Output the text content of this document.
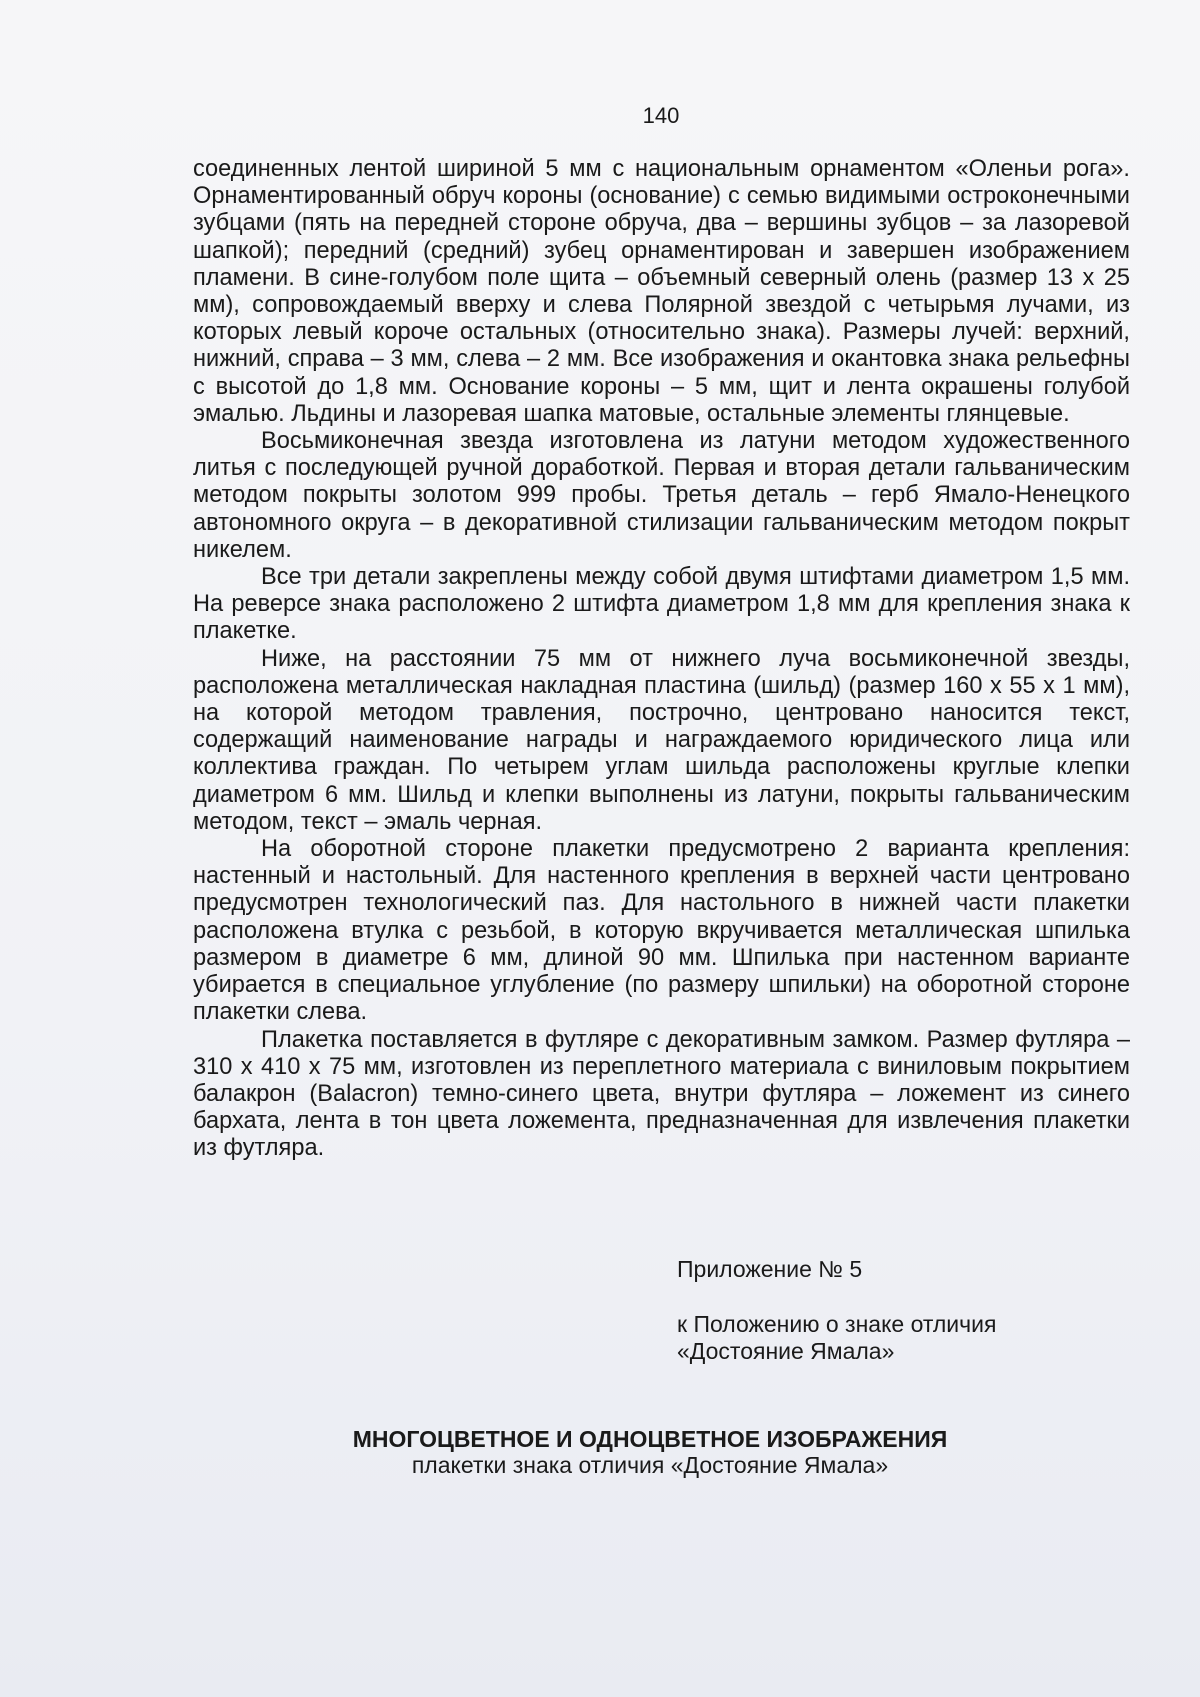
140

соединенных лентой шириной 5 мм с национальным орнаментом «Оленьи рога». Орнаментированный обруч короны (основание) с семью видимыми остроконечными зубцами (пять на передней стороне обруча, два – вершины зубцов – за лазоревой шапкой); передний (средний) зубец орнаментирован и завершен изображением пламени. В сине-голубом поле щита – объемный северный олень (размер 13 х 25 мм), сопровождаемый вверху и слева Полярной звездой с четырьмя лучами, из которых левый короче остальных (относительно знака). Размеры лучей: верхний, нижний, справа – 3 мм, слева – 2 мм. Все изображения и окантовка знака рельефны с высотой до 1,8 мм. Основание короны – 5 мм, щит и лента окрашены голубой эмалью. Льдины и лазоревая шапка матовые, остальные элементы глянцевые.

Восьмиконечная звезда изготовлена из латуни методом художественного литья с последующей ручной доработкой. Первая и вторая детали гальваническим методом покрыты золотом 999 пробы. Третья деталь – герб Ямало-Ненецкого автономного округа – в декоративной стилизации гальваническим методом покрыт никелем.

Все три детали закреплены между собой двумя штифтами диаметром 1,5 мм. На реверсе знака расположено 2 штифта диаметром 1,8 мм для крепления знака к плакетке.

Ниже, на расстоянии 75 мм от нижнего луча восьмиконечной звезды, расположена металлическая накладная пластина (шильд) (размер 160 х 55 х 1 мм), на которой методом травления, построчно, центровано наносится текст, содержащий наименование награды и награждаемого юридического лица или коллектива граждан. По четырем углам шильда расположены круглые клепки диаметром 6 мм. Шильд и клепки выполнены из латуни, покрыты гальваническим методом, текст – эмаль черная.

На оборотной стороне плакетки предусмотрено 2 варианта крепления: настенный и настольный. Для настенного крепления в верхней части центровано предусмотрен технологический паз. Для настольного в нижней части плакетки расположена втулка с резьбой, в которую вкручивается металлическая шпилька размером в диаметре 6 мм, длиной 90 мм. Шпилька при настенном варианте убирается в специальное углубление (по размеру шпильки) на оборотной стороне плакетки слева.

Плакетка поставляется в футляре с декоративным замком. Размер футляра – 310 х 410 х 75 мм, изготовлен из переплетного материала с виниловым покрытием балакрон (Balacron) темно-синего цвета, внутри футляра – ложемент из синего бархата, лента в тон цвета ложемента, предназначенная для извлечения плакетки из футляра.

Приложение № 5
к Положению о знаке отличия
«Достояние Ямала»
МНОГОЦВЕТНОЕ И ОДНОЦВЕТНОЕ ИЗОБРАЖЕНИЯ
плакетки знака отличия «Достояние Ямала»
